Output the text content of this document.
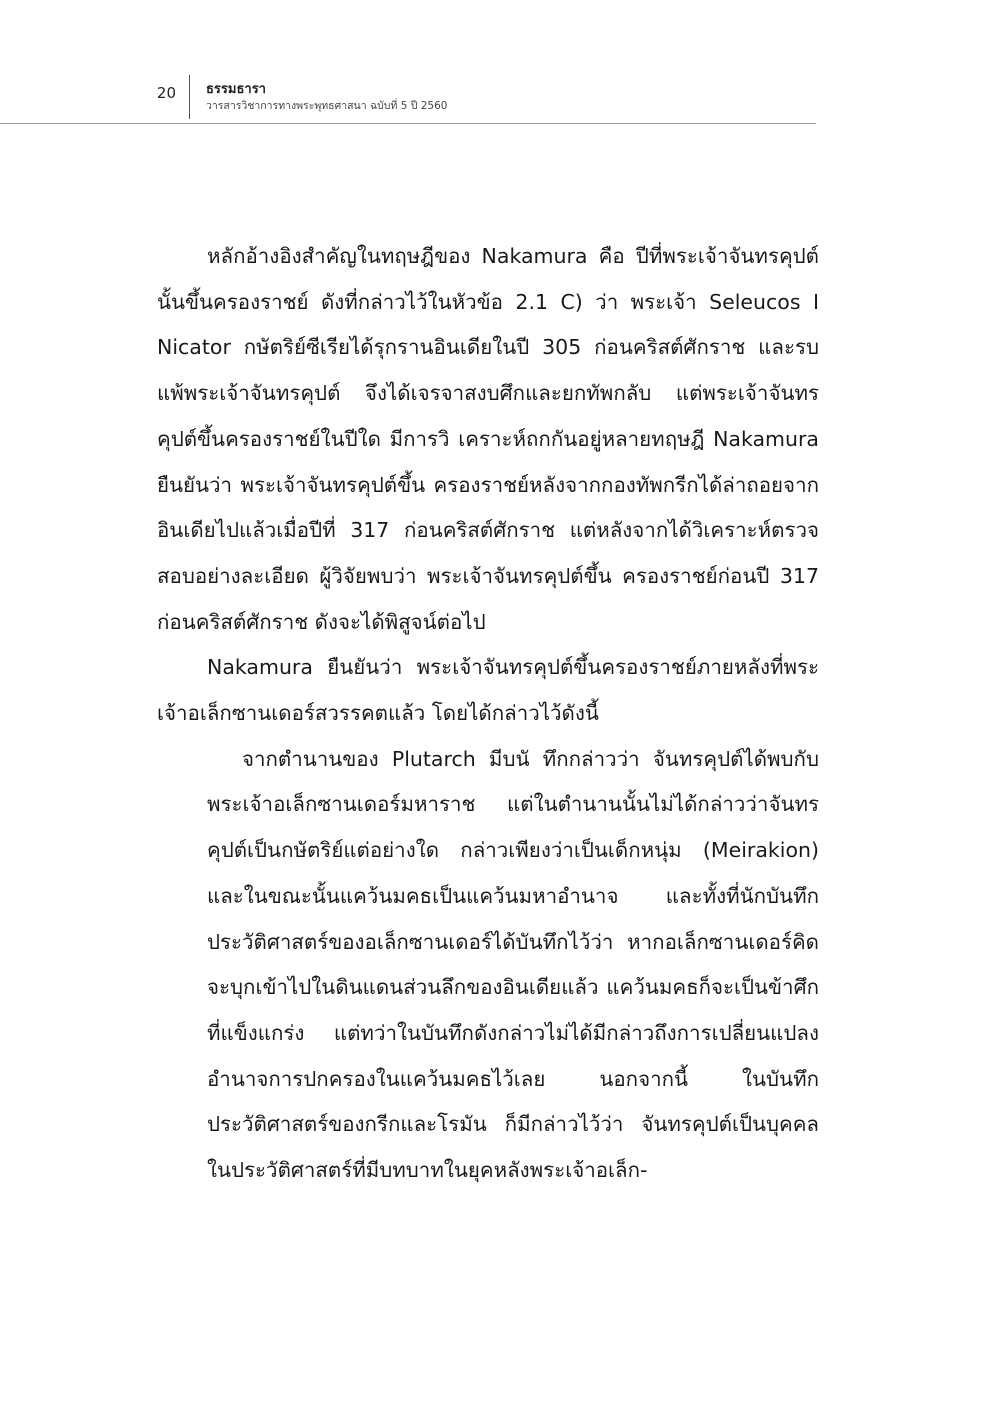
20 ธรรมธารา
วารสารวิชาการทางพระพุทธศาสนา ฉบับที่ 5 ปี 2560

หลักอ้างอิงสำคัญในทฤษฎีของ Nakamura คือ ปีที่พระเจ้าจันทรคุปต์นั้นขึ้นครองราชย์ ดังที่กล่าวไว้ในหัวข้อ 2.1 C) ว่า พระเจ้า Seleucos I Nicator กษัตริย์ซีเรียได้รุกรานอินเดียในปี 305 ก่อนคริสต์ศักราช และรบแพ้พระเจ้าจันทรคุปต์ จึงได้เจรจาสงบศึกและยกทัพกลับ แต่พระเจ้าจันทรคุปต์ขึ้นครองราชย์ในปีใด มีการวิ เคราะห์ถกกันอยู่หลายทฤษฎี Nakamura ยืนยันว่า พระเจ้าจันทรคุปต์ขึ้น ครองราชย์หลังจากกองทัพกรีกได้ล่าถอยจากอินเดียไปแล้วเมื่อปีที่ 317 ก่อนคริสต์ศักราช แต่หลังจากได้วิเคราะห์ตรวจสอบอย่างละเอียด ผู้วิจัยพบว่า พระเจ้าจันทรคุปต์ขึ้น ครองราชย์ก่อนปี 317 ก่อนคริสต์ศักราช ดังจะได้พิสูจน์ต่อไป

Nakamura ยืนยันว่า พระเจ้าจันทรคุปต์ขึ้นครองราชย์ภายหลังที่พระเจ้าอเล็กซานเดอร์สวรรคตแล้ว โดยได้กล่าวไว้ดังนี้

จากตำนานของ Plutarch มีบนั ทึกกล่าวว่า จันทรคุปต์ได้พบกับพระเจ้าอเล็กซานเดอร์มหาราช แต่ในตำนานนั้นไม่ได้กล่าวว่าจันทรคุปต์เป็นกษัตริย์แต่อย่างใด กล่าวเพียงว่าเป็นเด็กหนุ่ม (Meirakion) และในขณะนั้นแคว้นมคธเป็นแคว้นมหาอำนาจ และทั้งที่นักบันทึกประวัติศาสตร์ของอเล็กซานเดอร์ได้บันทึกไว้ว่า หากอเล็กซานเดอร์คิดจะบุกเข้าไปในดินแดนส่วนลึกของอินเดียแล้ว แคว้นมคธก็จะเป็นข้าศึกที่แข็งแกร่ง แต่ทว่าในบันทึกดังกล่าวไม่ได้มีกล่าวถึงการเปลี่ยนแปลงอำนาจการปกครองในแคว้นมคธไว้เลย นอกจากนี้ ในบันทึกประวัติศาสตร์ของกรีกและโรมัน ก็มีกล่าวไว้ว่า จันทรคุปต์เป็นบุคคลในประวัติศาสตร์ที่มีบทบาทในยุคหลังพระเจ้าอเล็ก-
